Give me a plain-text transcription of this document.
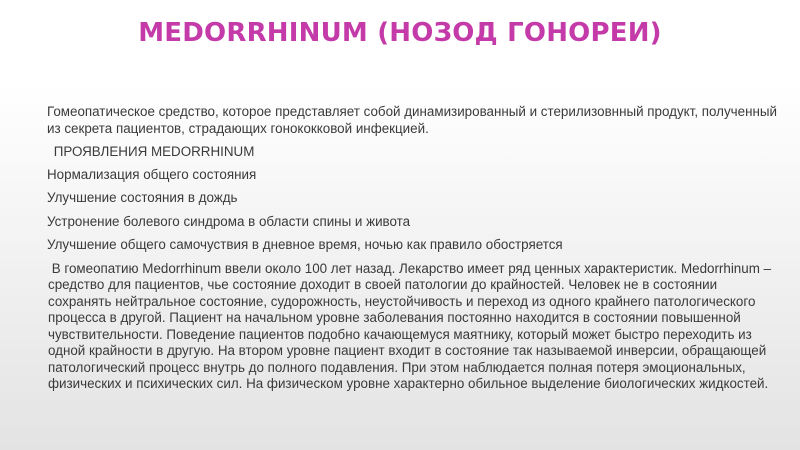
MEDORRHINUM (НОЗОД ГОНОРЕИ)

Гомеопатическое средство, которое представляет собой динамизированный и стерилизовнный продукт, полученный из секрета пациентов, страдающих гонококковой инфекцией.

ПРОЯВЛЕНИЯ MEDORRHINUM

Нормализация общего состояния

Улучшение состояния в дождь

Устронение болевого синдрома в области спины и живота

Улучшение общего самочуствия в дневное время, ночью как правило обостряется

В гомеопатию Medorrhinum ввели около 100 лет назад. Лекарство имеет ряд ценных характеристик. Medorrhinum – средство для пациентов, чье состояние доходит в своей патологии до крайностей. Человек не в состоянии сохранять нейтральное состояние, судорожность, неустойчивость и переход из одного крайнего патологического процесса в другой. Пациент на начальном уровне заболевания постоянно находится в состоянии повышенной чувствительности. Поведение пациентов подобно качающемуся маятнику, который может быстро переходить из одной крайности в другую. На втором уровне пациент входит в состояние так называемой инверсии, обращающей патологический процесс внутрь до полного подавления. При этом наблюдается полная потеря эмоциональных, физических и психических сил. На физическом уровне характерно обильное выделение биологических жидкостей.
